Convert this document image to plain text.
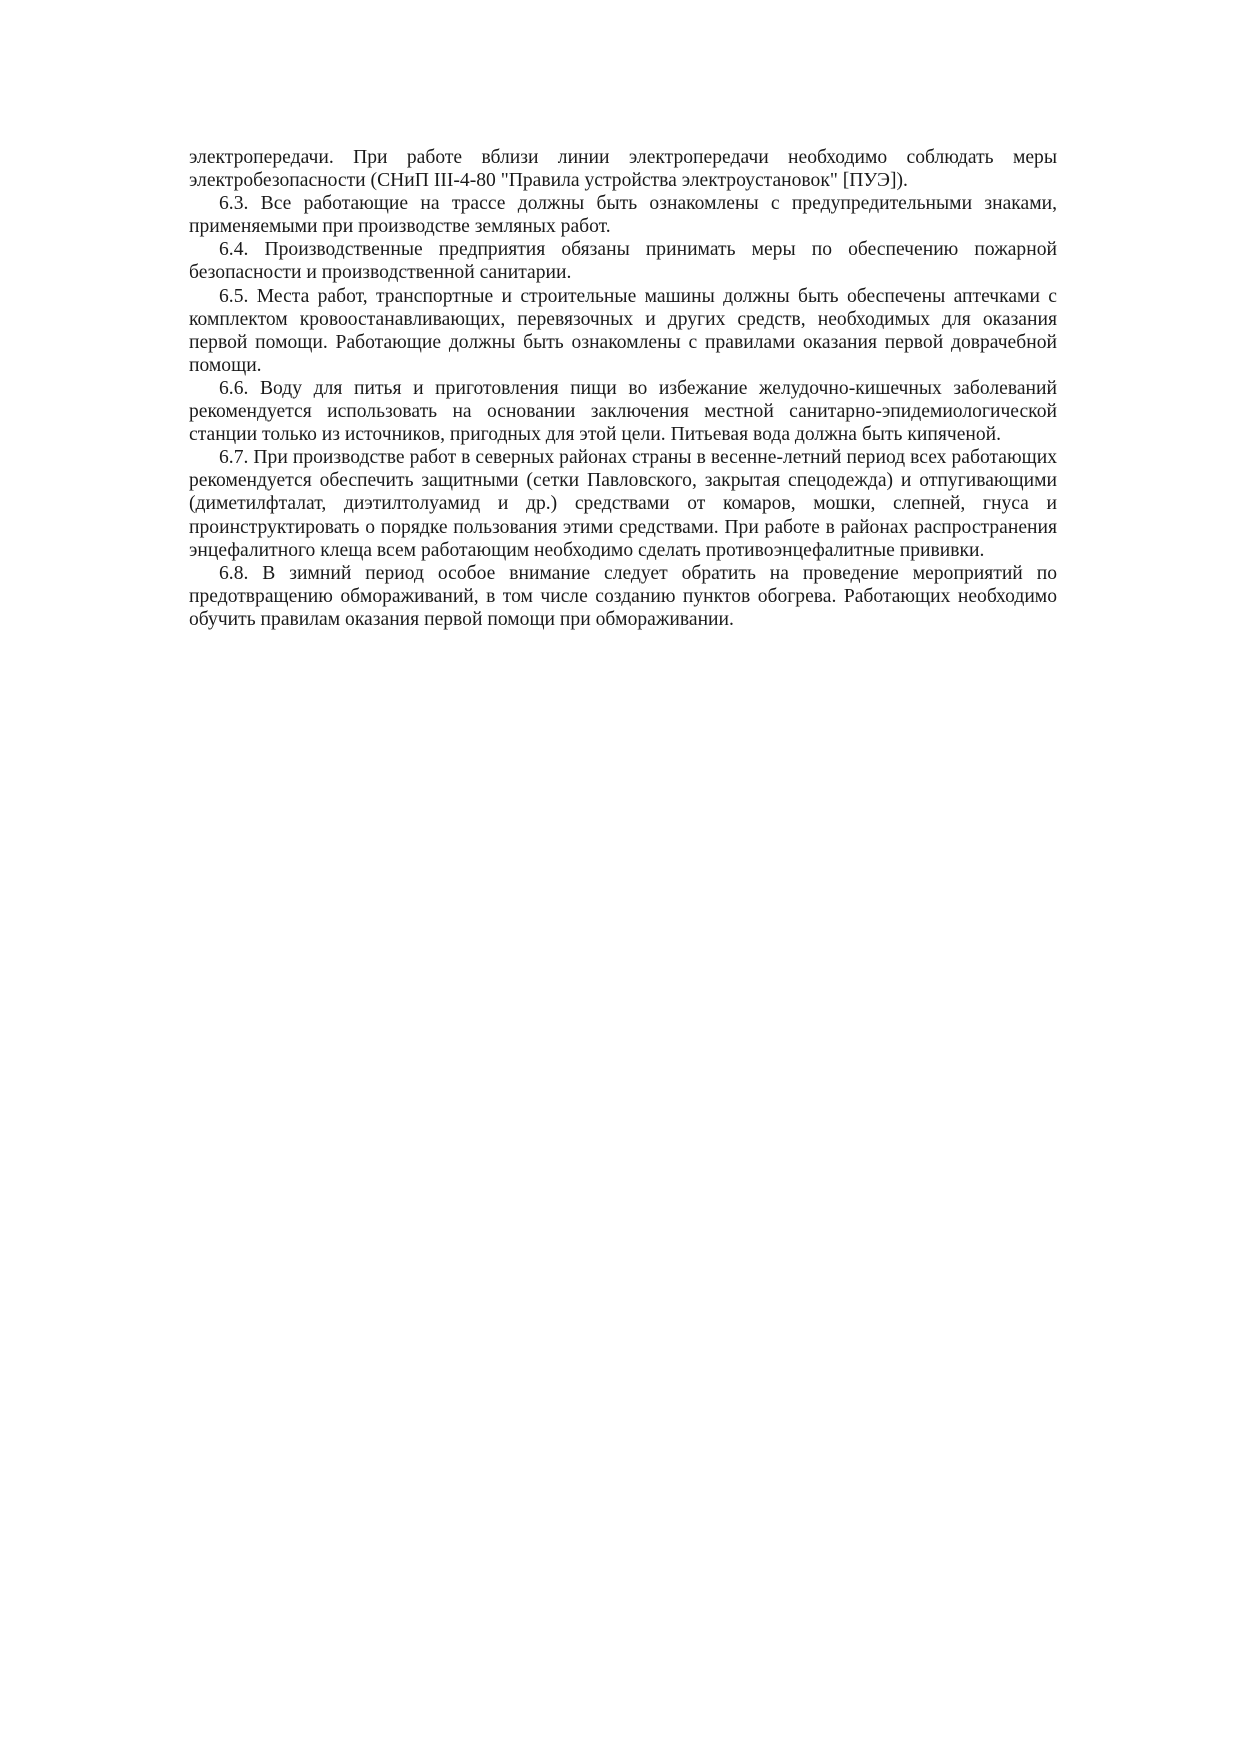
электропередачи. При работе вблизи линии электропередачи необходимо соблюдать меры электробезопасности (СНиП III-4-80 "Правила устройства электроустановок" [ПУЭ]).

6.3. Все работающие на трассе должны быть ознакомлены с предупредительными знаками, применяемыми при производстве земляных работ.

6.4. Производственные предприятия обязаны принимать меры по обеспечению пожарной безопасности и производственной санитарии.

6.5. Места работ, транспортные и строительные машины должны быть обеспечены аптечками с комплектом кровоостанавливающих, перевязочных и других средств, необходимых для оказания первой помощи. Работающие должны быть ознакомлены с правилами оказания первой доврачебной помощи.

6.6. Воду для питья и приготовления пищи во избежание желудочно-кишечных заболеваний рекомендуется использовать на основании заключения местной санитарно-эпидемиологической станции только из источников, пригодных для этой цели. Питьевая вода должна быть кипяченой.

6.7. При производстве работ в северных районах страны в весенне-летний период всех работающих рекомендуется обеспечить защитными (сетки Павловского, закрытая спецодежда) и отпугивающими (диметилфталат, диэтилтолуамид и др.) средствами от комаров, мошки, слепней, гнуса и проинструктировать о порядке пользования этими средствами. При работе в районах распространения энцефалитного клеща всем работающим необходимо сделать противоэнцефалитные прививки.

6.8. В зимний период особое внимание следует обратить на проведение мероприятий по предотвращению обмораживаний, в том числе созданию пунктов обогрева. Работающих необходимо обучить правилам оказания первой помощи при обмораживании.
